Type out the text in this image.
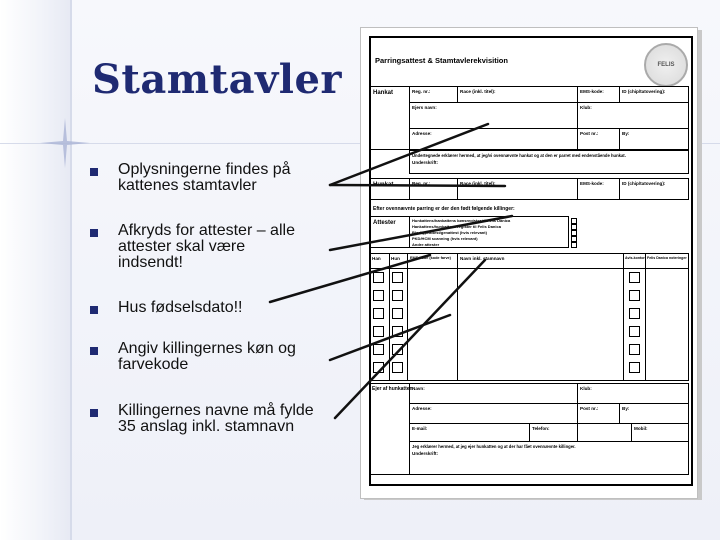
Stamtavler
Oplysningerne findes på
kattenes stamtavler
Afkryds for attester – alle
attester skal være
indsendt!
Hus fødselsdato!!
Angiv killingernes køn og
farvekode
Killingernes navne må fylde
35 anslag inkl. stamnavn
Parringsattest & Stamtavlerekvisition	FELIS
Hankat	Reg. nr.:	Race (inkl. titel):	EMS-kode:	ID (chip/tatovering):
Ejers navn:	Klub:
Adresse:	Post nr.:	By:
Undertegnede erklærer hermed, at jeg/vi ovennævnte hankat og at den er parret med endenstående hunkat.
Underskrift:
Hunkat	Reg. nr.:	Race (inkl. titel):	EMS-kode:	ID (chip/tatovering):
Efter ovennævnte parring er der den født følgende killinger:
Attester	Hunkattens/hankattens kønsregister til Felis Danica
Hankattens/hunkattens register til Felis Danica
Blodtypeattest/genattest (hvis relevant)
PKD/HCM scanning (hvis relevant)
Andre attester
Han Hun	EMS-kode (kode farve) Navn inkl. stamnavn	Avls-kontor Felis Danica noteringer
Ejer af hunkatten Navn:	Klub:
Adresse:	Post nr.:	By:
E-mail:	Telefon:	Mobil:
Jeg erklærer hermed, at jeg ejer hunkatten og at der har fået ovennævnte killinger.
Underskrift:
